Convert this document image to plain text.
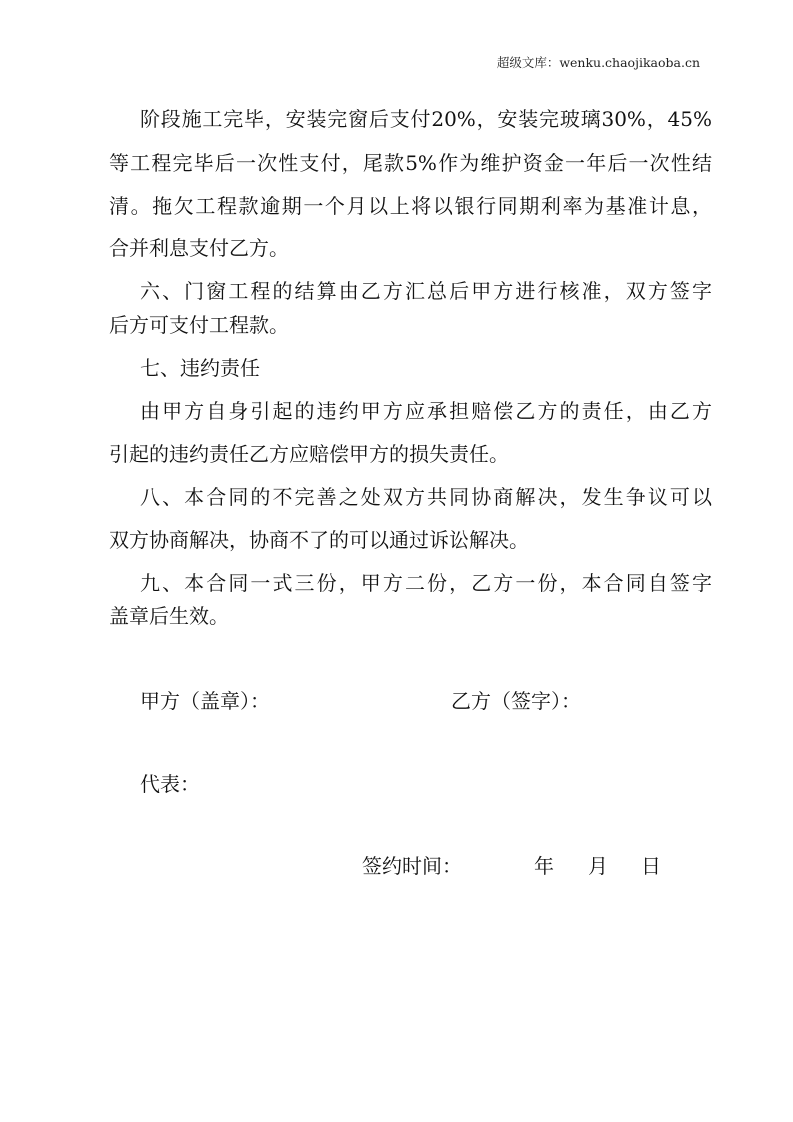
超级文库：wenku.chaojikaoba.cn
阶段施工完毕，安装完窗后支付20%，安装完玻璃30%，45%
等工程完毕后一次性支付，尾款5%作为维护资金一年后一次性结
清。拖欠工程款逾期一个月以上将以银行同期利率为基准计息，
合并利息支付乙方。
六、门窗工程的结算由乙方汇总后甲方进行核准，双方签字
后方可支付工程款。
七、违约责任
由甲方自身引起的违约甲方应承担赔偿乙方的责任，由乙方
引起的违约责任乙方应赔偿甲方的损失责任。
八、本合同的不完善之处双方共同协商解决，发生争议可以
双方协商解决，协商不了的可以通过诉讼解决。
九、本合同一式三份，甲方二份，乙方一份，本合同自签字
盖章后生效。
甲方（盖章）：	乙方（签字）：
代表：
签约时间：	年 月 日
